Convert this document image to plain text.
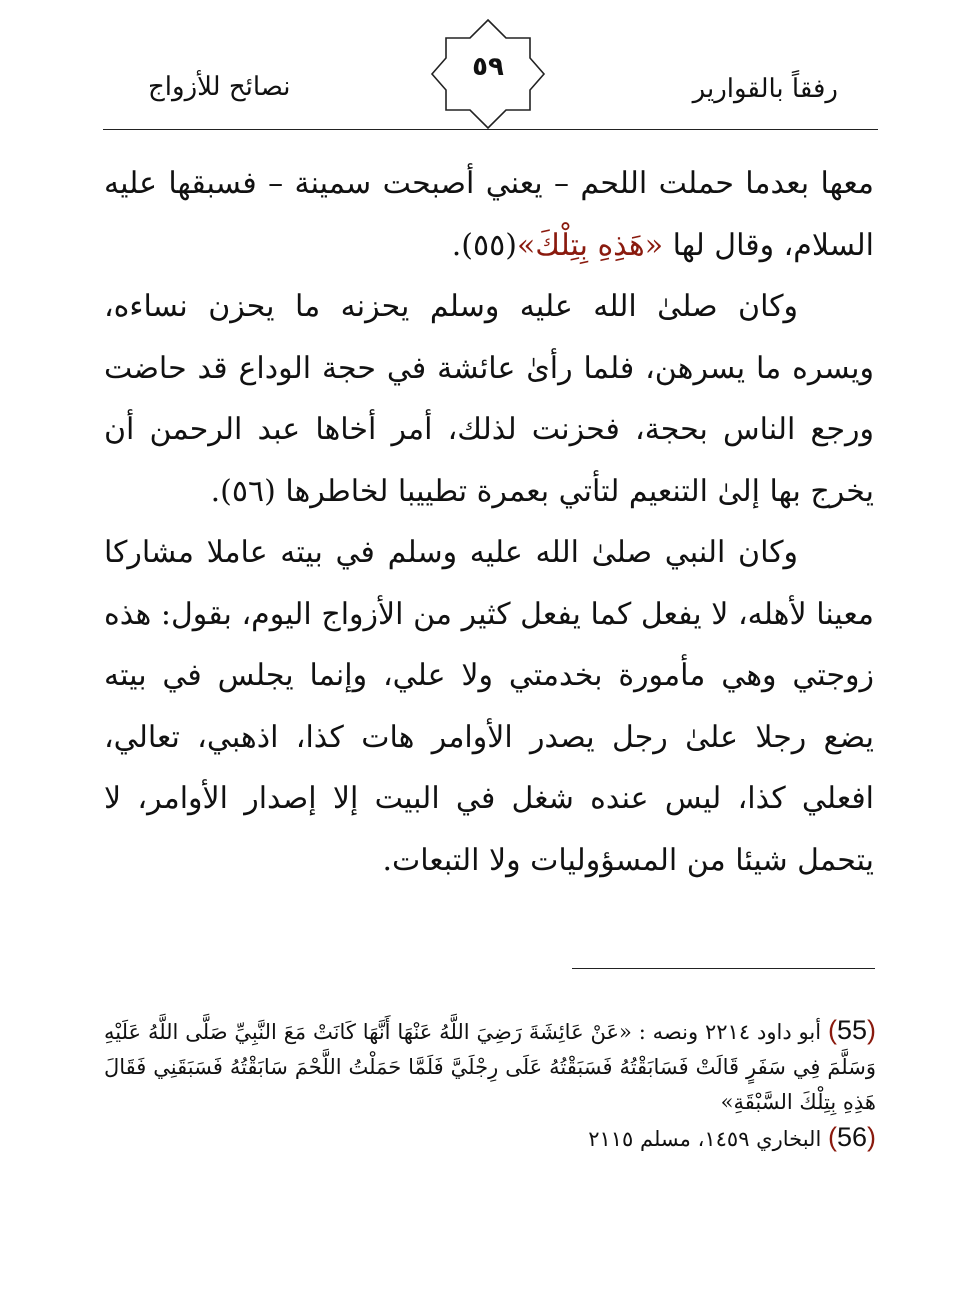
رفقاً بالقوارير
٥٩
نصائح للأزواج

معها بعدما حملت اللحم – يعني أصبحت سمينة – فسبقها عليه السلام، وقال لها «هَذِهِ بِتِلْكَ»(٥٥).

وكان صلىٰ الله عليه وسلم يحزنه ما يحزن نساءه، ويسره ما يسرهن، فلما رأىٰ عائشة في حجة الوداع قد حاضت ورجع الناس بحجة، فحزنت لذلك، أمر أخاها عبد الرحمن أن يخرج بها إلىٰ التنعيم لتأتي بعمرة تطييبا لخاطرها (٥٦).

وكان النبي صلىٰ الله عليه وسلم في بيته عاملا مشاركا معينا لأهله، لا يفعل كما يفعل كثير من الأزواج اليوم، بقول: هذه زوجتي وهي مأمورة بخدمتي ولا علي، وإنما يجلس في بيته يضع رجلا علىٰ رجل يصدر الأوامر هات كذا، اذهبي، تعالي، افعلي كذا، ليس عنده شغل في البيت إلا إصدار الأوامر، لا يتحمل شيئا من المسؤوليات ولا التبعات.

(55) أبو داود ٢٢١٤ ونصه : «عَنْ عَائِشَةَ رَضِيَ اللَّهُ عَنْهَا أَنَّهَا كَانَتْ مَعَ النَّبِيِّ صَلَّى اللَّهُ عَلَيْهِ وَسَلَّمَ فِي سَفَرٍ قَالَتْ فَسَابَقْتُهُ فَسَبَقْتُهُ عَلَى رِجْلَيَّ فَلَمَّا حَمَلْتُ اللَّحْمَ سَابَقْتُهُ فَسَبَقَنِي فَقَالَ هَذِهِ بِتِلْكَ السَّبْقَةِ»

(56) البخاري ١٤٥٩، مسلم ٢١١٥
